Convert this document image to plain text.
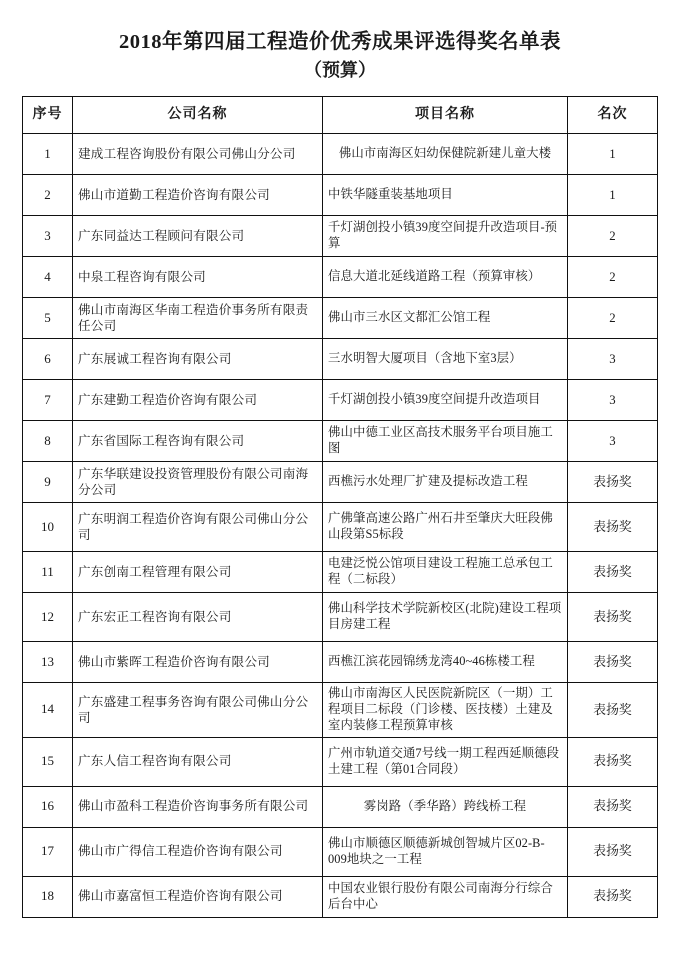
2018年第四届工程造价优秀成果评选得奖名单表
（预算）
序号	公司名称	项目名称	名次
1	建成工程咨询股份有限公司佛山分公司	佛山市南海区妇幼保健院新建儿童大楼	1
2	佛山市道勤工程造价咨询有限公司	中铁华隧重装基地项目	1
3	广东同益达工程顾问有限公司	千灯湖创投小镇39度空间提升改造项目-预算	2
4	中泉工程咨询有限公司	信息大道北延线道路工程（预算审核）	2
5	佛山市南海区华南工程造价事务所有限责任公司	佛山市三水区文都汇公馆工程	2
6	广东展诚工程咨询有限公司	三水明智大厦项目（含地下室3层）	3
7	广东建勤工程造价咨询有限公司	千灯湖创投小镇39度空间提升改造项目	3
8	广东省国际工程咨询有限公司	佛山中德工业区高技术服务平台项目施工图	3
9	广东华联建设投资管理股份有限公司南海分公司	西樵污水处理厂扩建及提标改造工程	表扬奖
10	广东明润工程造价咨询有限公司佛山分公司	广佛肇高速公路广州石井至肇庆大旺段佛山段第S5标段	表扬奖
11	广东创南工程管理有限公司	电建泛悦公馆项目建设工程施工总承包工程（二标段）	表扬奖
12	广东宏正工程咨询有限公司	佛山科学技术学院新校区(北院)建设工程项目房建工程	表扬奖
13	佛山市紫晖工程造价咨询有限公司	西樵江滨花园锦绣龙湾40~46栋楼工程	表扬奖
14	广东盛建工程事务咨询有限公司佛山分公司	佛山市南海区人民医院新院区（一期）工程项目二标段（门诊楼、医技楼）土建及室内装修工程预算审核	表扬奖
15	广东人信工程咨询有限公司	广州市轨道交通7号线一期工程西延顺德段土建工程（第01合同段）	表扬奖
16	佛山市盈科工程造价咨询事务所有限公司	雾岗路（季华路）跨线桥工程	表扬奖
17	佛山市广得信工程造价咨询有限公司	佛山市顺德区顺德新城创智城片区02-B-009地块之一工程	表扬奖
18	佛山市嘉富恒工程造价咨询有限公司	中国农业银行股份有限公司南海分行综合后台中心	表扬奖
